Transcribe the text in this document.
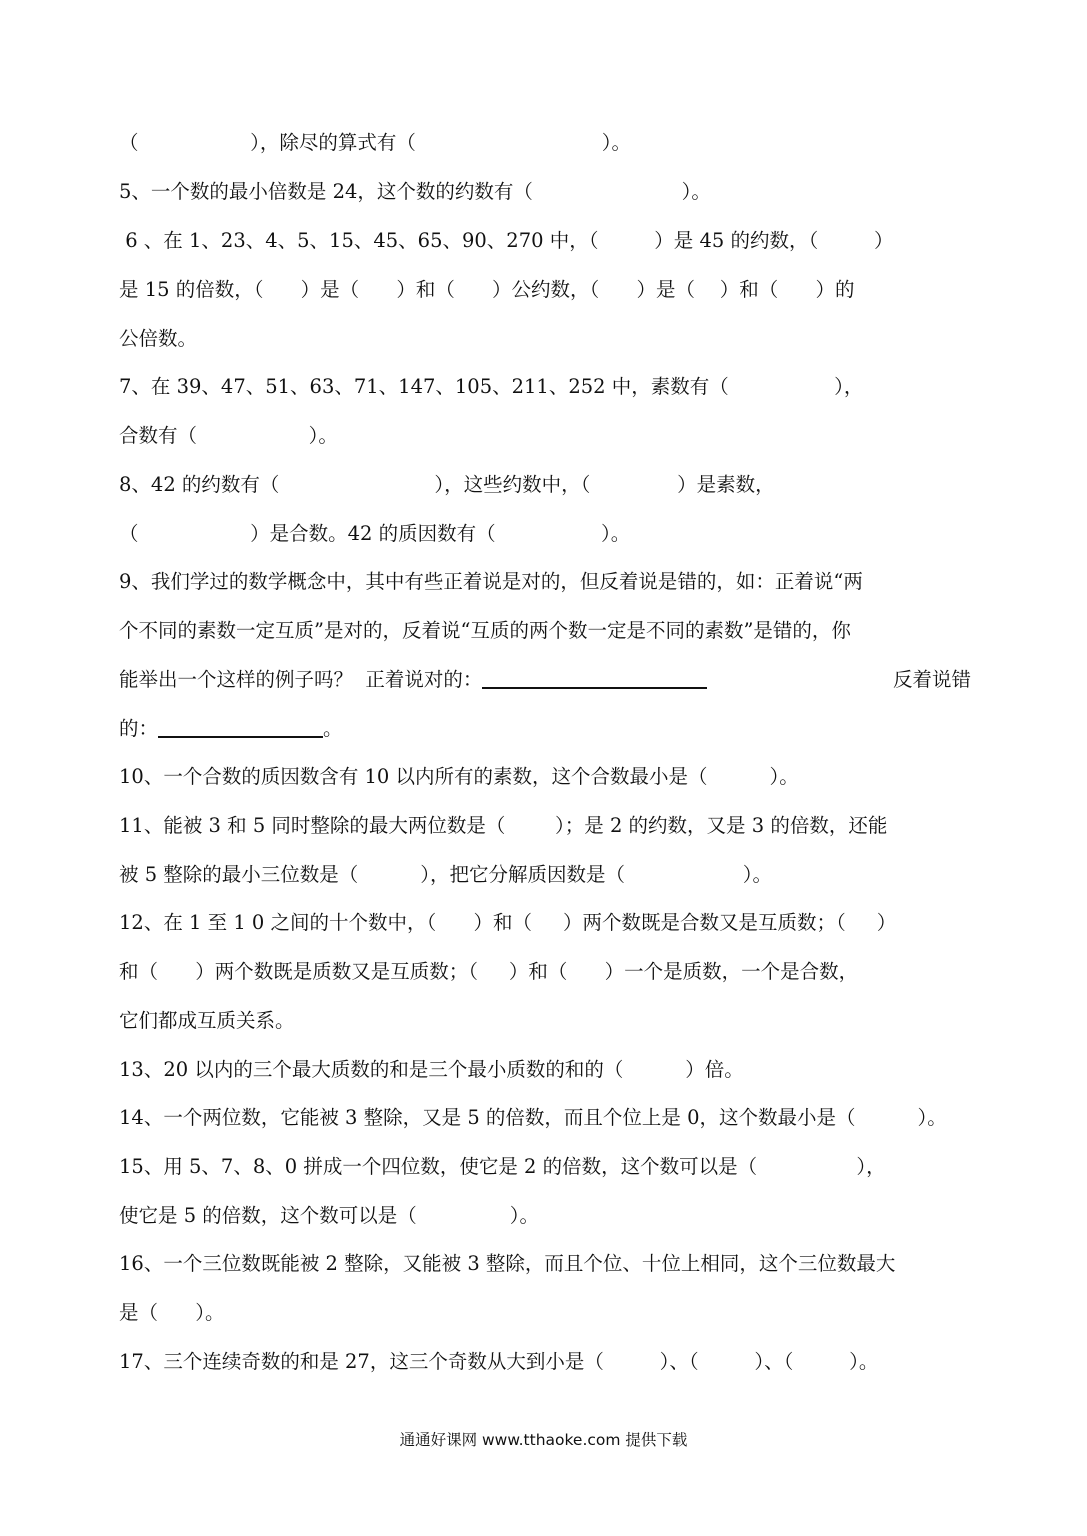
（                  ），除尽的算式有（                              ）。
5、一个数的最小倍数是 24，这个数的约数有（                        ）。
6 、在 1、23、4、5、15、45、65、90、270 中，（         ）是 45 的约数，（         ）
是 15 的倍数，（      ）是（      ）和（      ）公约数，（      ）是（    ）和（      ）的
公倍数。
7、在 39、47、51、63、71、147、105、211、252 中，素数有（                 ），
合数有（                  ）。
8、42 的约数有（                         ），这些约数中，（              ）是素数，
（                  ）是合数。42 的质因数有（                 ）。
9、我们学过的数学概念中，其中有些正着说是对的，但反着说是错的，如：正着说“两
个不同的素数一定互质”是对的，反着说“互质的两个数一定是不同的素数”是错的，你
能举出一个这样的例子吗？  正着说对的：	反着说错
的：	。
10、一个合数的质因数含有 10 以内所有的素数，这个合数最小是（          ）。
11、能被 3 和 5 同时整除的最大两位数是（        ）；是 2 的约数，又是 3 的倍数，还能
被 5 整除的最小三位数是（          ），把它分解质因数是（                   ）。
12、在 1 至 1 0 之间的十个数中，（      ）和（     ）两个数既是合数又是互质数；（     ）
和（      ）两个数既是质数又是互质数；（     ）和（      ）一个是质数，一个是合数，
它们都成互质关系。
13、20 以内的三个最大质数的和是三个最小质数的和的（          ）倍。
14、一个两位数，它能被 3 整除，又是 5 的倍数，而且个位上是 0，这个数最小是（          ）。
15、用 5、7、8、0 拼成一个四位数，使它是 2 的倍数，这个数可以是（                ），
使它是 5 的倍数，这个数可以是（               ）。
16、一个三位数既能被 2 整除，又能被 3 整除，而且个位、十位上相同，这个三位数最大
是（      ）。
17、三个连续奇数的和是 27，这三个奇数从大到小是（         ）、（         ）、（         ）。
通通好课网 www.tthaoke.com 提供下载
